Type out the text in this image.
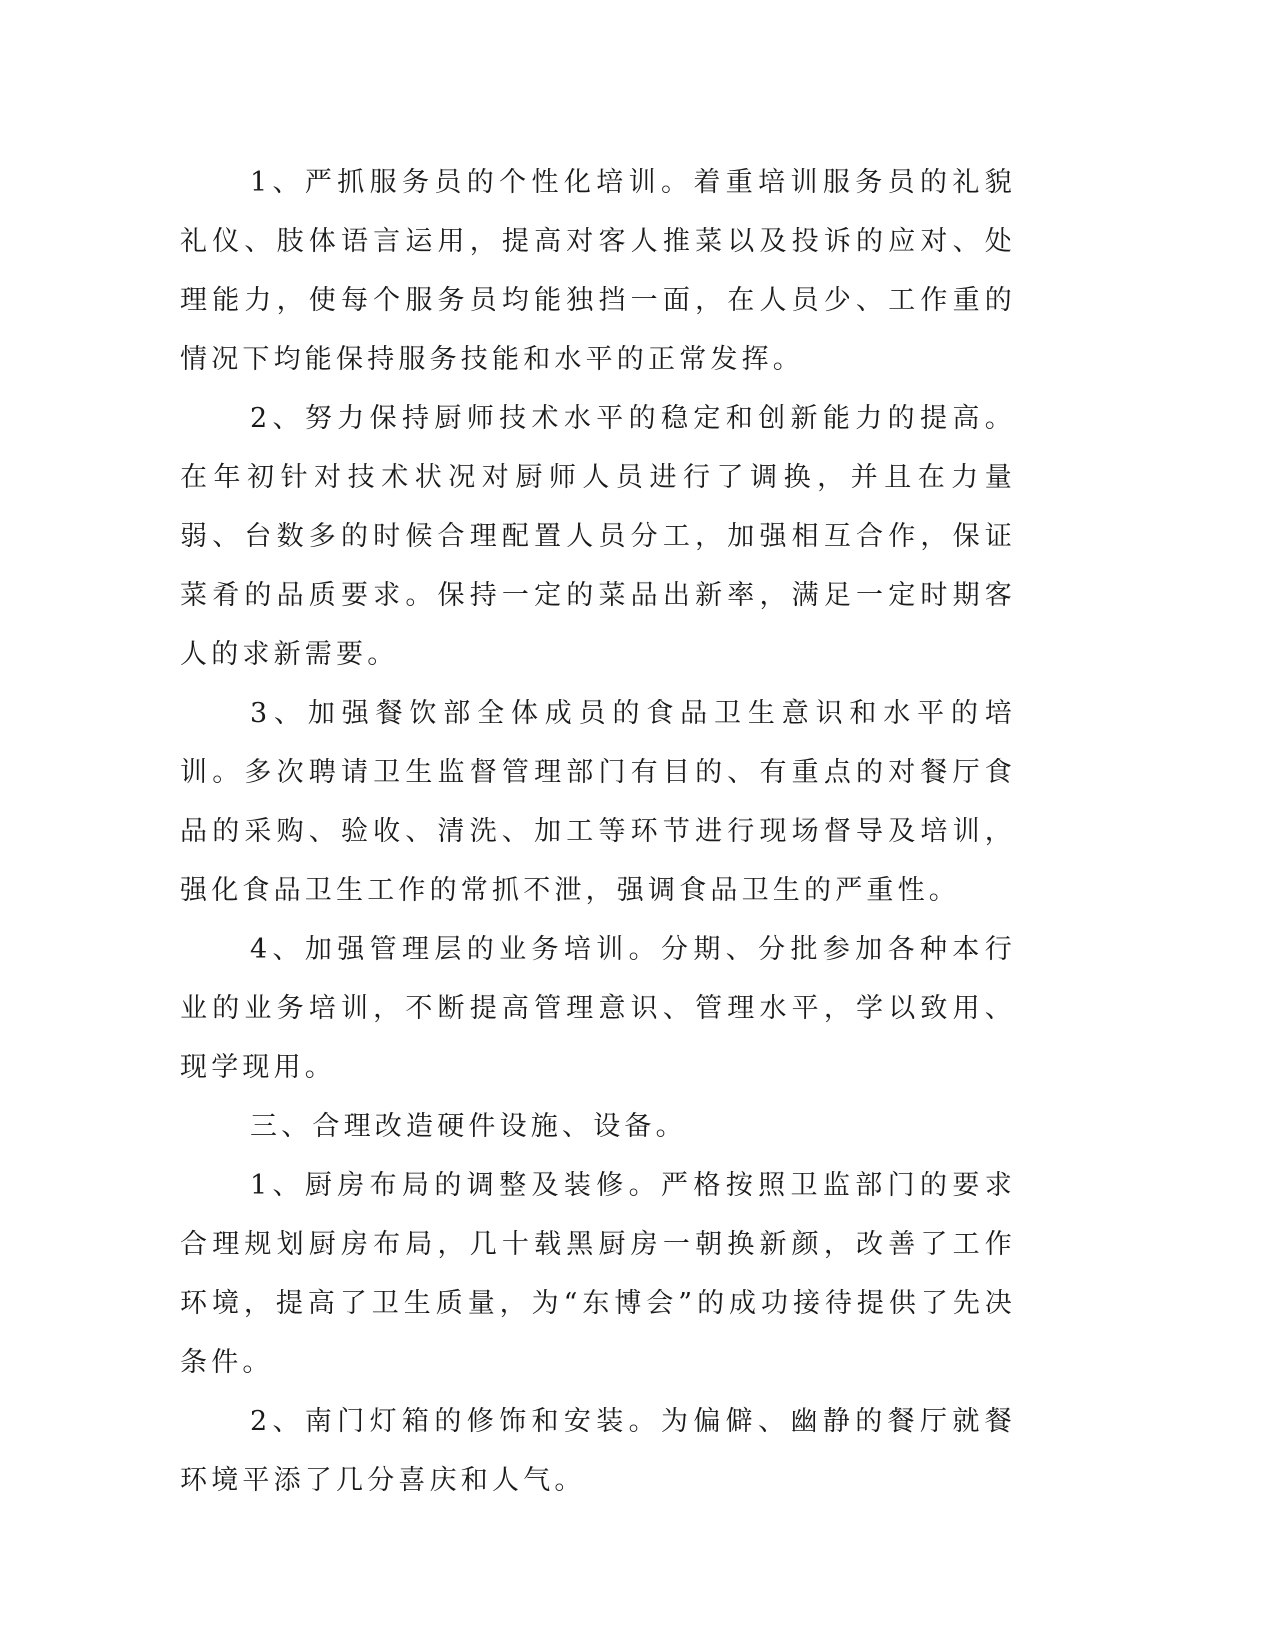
1、严抓服务员的个性化培训。着重培训服务员的礼貌礼仪、肢体语言运用，提高对客人推菜以及投诉的应对、处理能力，使每个服务员均能独挡一面，在人员少、工作重的情况下均能保持服务技能和水平的正常发挥。

2、努力保持厨师技术水平的稳定和创新能力的提高。在年初针对技术状况对厨师人员进行了调换，并且在力量弱、台数多的时候合理配置人员分工，加强相互合作，保证菜肴的品质要求。保持一定的菜品出新率，满足一定时期客人的求新需要。

3、加强餐饮部全体成员的食品卫生意识和水平的培训。多次聘请卫生监督管理部门有目的、有重点的对餐厅食品的采购、验收、清洗、加工等环节进行现场督导及培训，强化食品卫生工作的常抓不泄，强调食品卫生的严重性。

4、加强管理层的业务培训。分期、分批参加各种本行业的业务培训，不断提高管理意识、管理水平，学以致用、现学现用。

三、合理改造硬件设施、设备。

1、厨房布局的调整及装修。严格按照卫监部门的要求合理规划厨房布局，几十载黑厨房一朝换新颜，改善了工作环境，提高了卫生质量，为“东博会”的成功接待提供了先决条件。

2、南门灯箱的修饰和安装。为偏僻、幽静的餐厅就餐环境平添了几分喜庆和人气。
